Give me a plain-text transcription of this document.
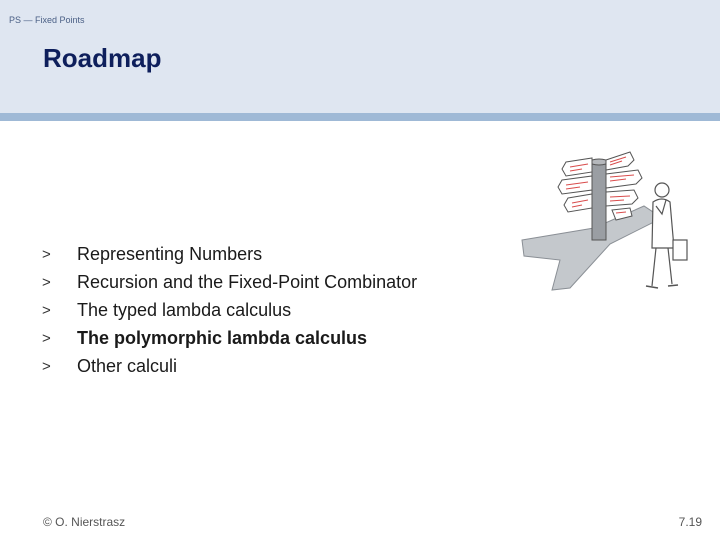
PS — Fixed Points
Roadmap
>	Representing Numbers
>	Recursion and the Fixed-Point Combinator
>	The typed lambda calculus
>	The polymorphic lambda calculus
>	Other calculi
© O. Nierstrasz	7.19
